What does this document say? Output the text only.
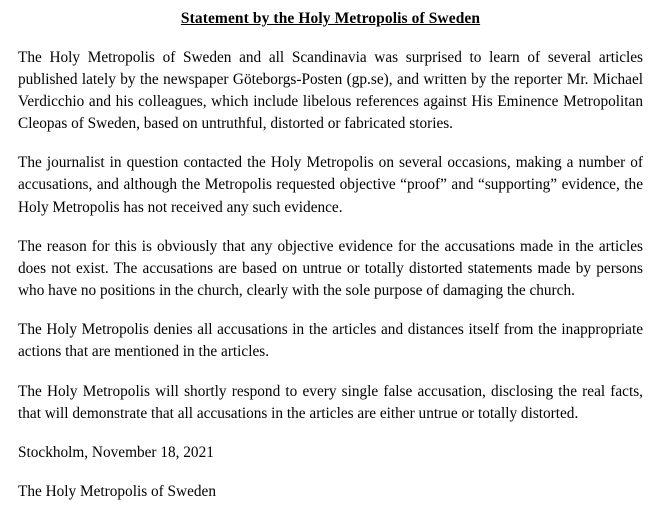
Statement by the Holy Metropolis of Sweden

The Holy Metropolis of Sweden and all Scandinavia was surprised to learn of several articles published lately by the newspaper Göteborgs-Posten (gp.se), and written by the reporter Mr. Michael Verdicchio and his colleagues, which include libelous references against His Eminence Metropolitan Cleopas of Sweden, based on untruthful, distorted or fabricated stories.

The journalist in question contacted the Holy Metropolis on several occasions, making a number of accusations, and although the Metropolis requested objective “proof” and “supporting” evidence, the Holy Metropolis has not received any such evidence.

The reason for this is obviously that any objective evidence for the accusations made in the articles does not exist. The accusations are based on untrue or totally distorted statements made by persons who have no positions in the church, clearly with the sole purpose of damaging the church.

The Holy Metropolis denies all accusations in the articles and distances itself from the inappropriate actions that are mentioned in the articles.

The Holy Metropolis will shortly respond to every single false accusation, disclosing the real facts, that will demonstrate that all accusations in the articles are either untrue or totally distorted.

Stockholm, November 18, 2021

The Holy Metropolis of Sweden
